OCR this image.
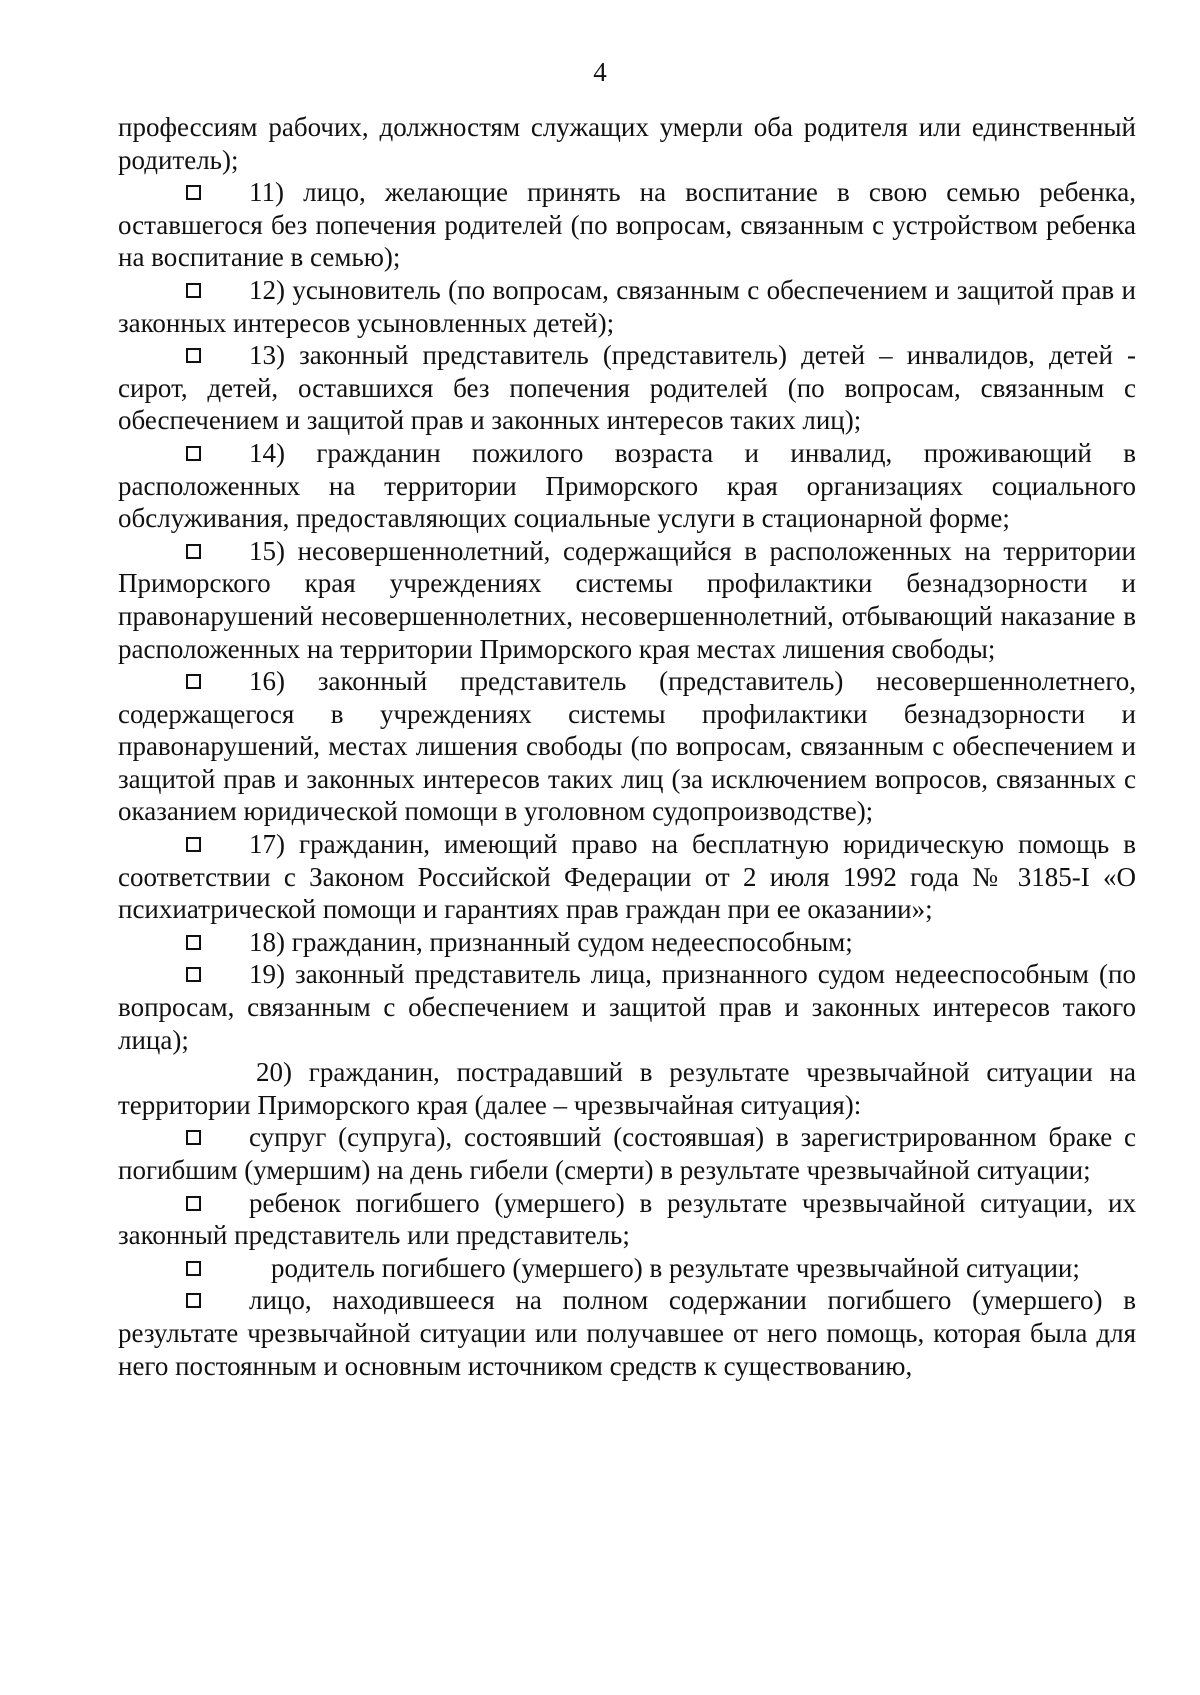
4

профессиям рабочих, должностям служащих умерли оба родителя или единственный родитель);

11) лицо, желающие принять на воспитание в свою семью ребенка, оставшегося без попечения родителей (по вопросам, связанным с устройством ребенка на воспитание в семью);

12) усыновитель (по вопросам, связанным с обеспечением и защитой прав и законных интересов усыновленных детей);

13) законный представитель (представитель) детей – инвалидов, детей - сирот, детей, оставшихся без попечения родителей (по вопросам, связанным с обеспечением и защитой прав и законных интересов таких лиц);

14) гражданин пожилого возраста и инвалид, проживающий в расположенных на территории Приморского края организациях социального обслуживания, предоставляющих социальные услуги в стационарной форме;

15) несовершеннолетний, содержащийся в расположенных на территории Приморского края учреждениях системы профилактики безнадзорности и правонарушений несовершеннолетних, несовершеннолетний, отбывающий наказание в расположенных на территории Приморского края местах лишения свободы;

16) законный представитель (представитель) несовершеннолетнего, содержащегося в учреждениях системы профилактики безнадзорности и правонарушений, местах лишения свободы (по вопросам, связанным с обеспечением и защитой прав и законных интересов таких лиц (за исключением вопросов, связанных с оказанием юридической помощи в уголовном судопроизводстве);

17) гражданин, имеющий право на бесплатную юридическую помощь в соответствии с Законом Российской Федерации от 2 июля 1992 года № 3185-I «О психиатрической помощи и гарантиях прав граждан при ее оказании»;

18) гражданин, признанный судом недееспособным;

19) законный представитель лица, признанного судом недееспособным (по вопросам, связанным с обеспечением и защитой прав и законных интересов такого лица);

20) гражданин, пострадавший в результате чрезвычайной ситуации на территории Приморского края (далее – чрезвычайная ситуация):

супруг (супруга), состоявший (состоявшая) в зарегистрированном браке с погибшим (умершим) на день гибели (смерти) в результате чрезвычайной ситуации;

ребенок погибшего (умершего) в результате чрезвычайной ситуации, их законный представитель или представитель;

родитель погибшего (умершего) в результате чрезвычайной ситуации;

лицо, находившееся на полном содержании погибшего (умершего) в результате чрезвычайной ситуации или получавшее от него помощь, которая была для него постоянным и основным источником средств к существованию,
